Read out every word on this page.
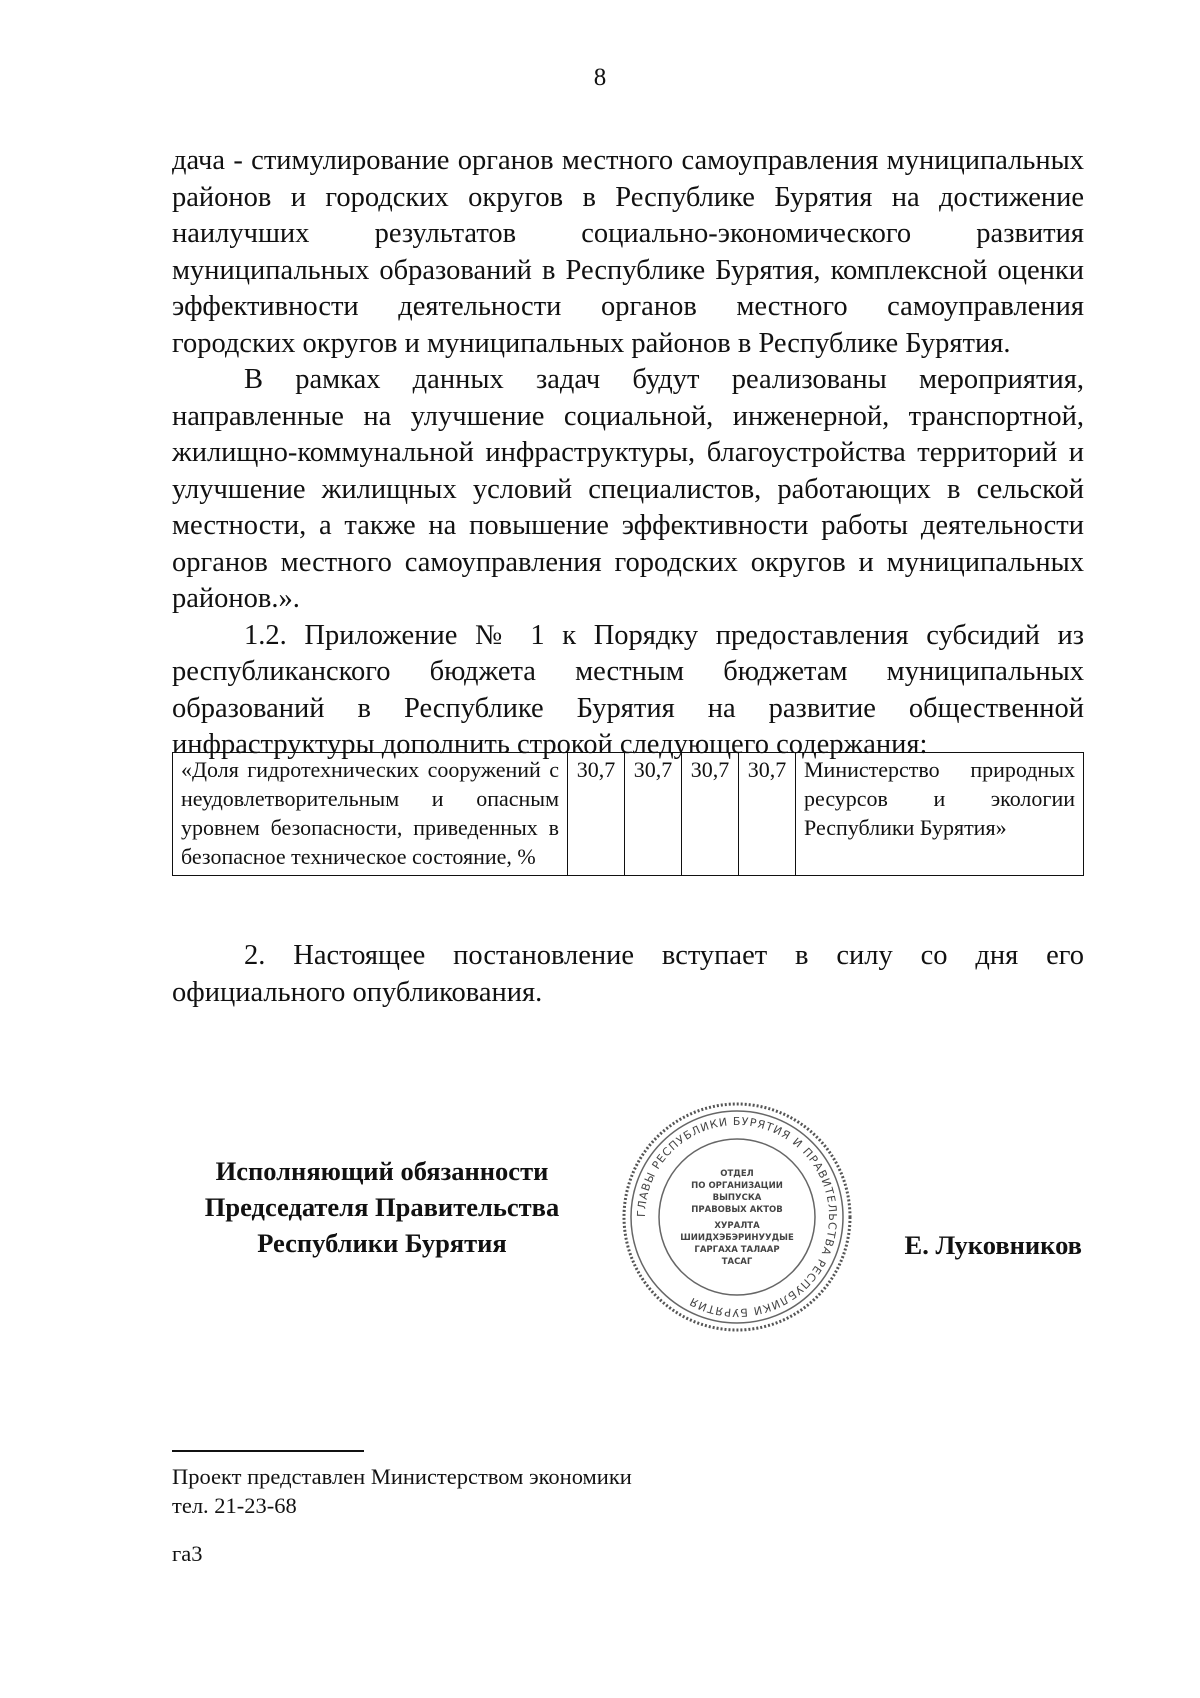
8

дача - стимулирование органов местного самоуправления муниципальных районов и городских округов в Республике Бурятия на достижение наилучших результатов социально-экономического развития муниципальных образований в Республике Бурятия, комплексной оценки эффективности деятельности органов местного самоуправления городских округов и муниципальных районов в Республике Бурятия.

В рамках данных задач будут реализованы мероприятия, направленные на улучшение социальной, инженерной, транспортной, жилищно-коммунальной инфраструктуры, благоустройства территорий и улучшение жилищных условий специалистов, работающих в сельской местности, а также на повышение эффективности работы деятельности органов местного самоуправления городских округов и муниципальных районов.».

1.2. Приложение № 1 к Порядку предоставления субсидий из республиканского бюджета местным бюджетам муниципальных образований в Республике Бурятия на развитие общественной инфраструктуры дополнить строкой следующего содержания:

«Доля гидротехнических сооружений с неудовлетворительным и опасным уровнем безопасности, приведенных в безопасное техническое состояние, %	30,7	30,7	30,7	30,7	Министерство природных ресурсов и экологии Республики Бурятия»

2. Настоящее постановление вступает в силу со дня его официального опубликования.

Исполняющий обязанности
Председателя Правительства
Республики Бурятия
ГЛАВЫ РЕСПУБЛИКИ БУРЯТИЯ И ПРАВИТЕЛЬСТВА РЕСПУБЛИКИ БУРЯТИЯ
ОТДЕЛ
ПО ОРГАНИЗАЦИИ
ВЫПУСКА
ПРАВОВЫХ АКТОВ
ХУРАЛТА
ШИИДХЭБЭРИНУУДЫЕ
ГАРГАХА ТАЛААР
ТАСАГ
Е. Луковников
Проект представлен Министерством экономики
тел. 21-23-68
га3
